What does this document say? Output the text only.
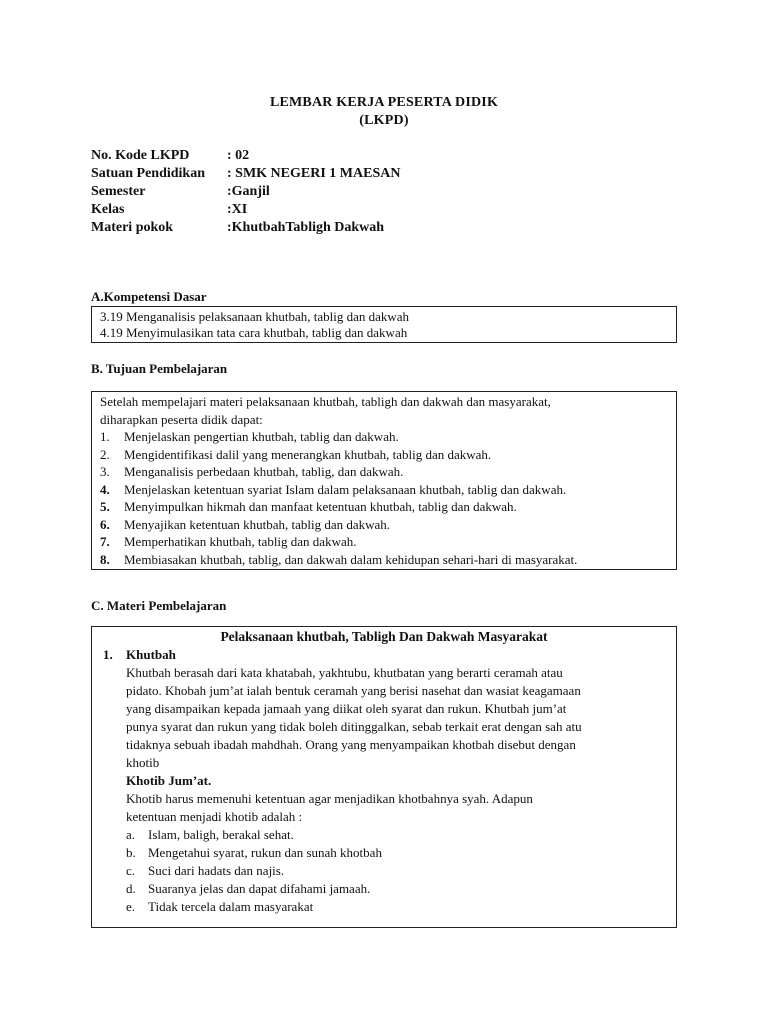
LEMBAR KERJA PESERTA DIDIK
(LKPD)
No. Kode LKPD	: 02
Satuan Pendidikan	: SMK NEGERI 1 MAESAN
Semester	:Ganjil
Kelas	:XI
Materi pokok	:KhutbahTabligh Dakwah
A.Kompetensi Dasar
3.19 Menganalisis pelaksanaan khutbah, tablig dan dakwah
4.19 Menyimulasikan tata cara khutbah, tablig dan dakwah
B. Tujuan Pembelajaran
Setelah mempelajari materi pelaksanaan khutbah, tabligh dan dakwah dan masyarakat,
diharapkan peserta didik dapat:
1.	Menjelaskan pengertian khutbah, tablig dan dakwah.
2.	Mengidentifikasi dalil yang menerangkan khutbah, tablig dan dakwah.
3.	Menganalisis perbedaan khutbah, tablig, dan dakwah.
4.	Menjelaskan ketentuan syariat Islam dalam pelaksanaan khutbah, tablig dan dakwah.
5.	Menyimpulkan hikmah dan manfaat ketentuan khutbah, tablig dan dakwah.
6.	Menyajikan ketentuan khutbah, tablig dan dakwah.
7.	Memperhatikan khutbah, tablig dan dakwah.
8.	Membiasakan khutbah, tablig, dan dakwah dalam kehidupan sehari-hari di masyarakat.
C. Materi Pembelajaran
Pelaksanaan khutbah, Tabligh Dan Dakwah Masyarakat
1.	Khutbah
Khutbah berasah dari kata khatabah, yakhtubu, khutbatan yang berarti ceramah atau
pidato. Khobah jum’at ialah bentuk ceramah yang berisi nasehat dan wasiat keagamaan
yang disampaikan kepada jamaah yang diikat oleh syarat dan rukun. Khutbah jum’at
punya syarat dan rukun yang tidak boleh ditinggalkan, sebab terkait erat dengan sah atu
tidaknya sebuah ibadah mahdhah. Orang yang menyampaikan khotbah disebut dengan
khotib
Khotib Jum’at.
Khotib harus memenuhi ketentuan agar menjadikan khotbahnya syah. Adapun
ketentuan menjadi khotib adalah :
a. Islam, baligh, berakal sehat.
b. Mengetahui syarat, rukun dan sunah khotbah
c. Suci dari hadats dan najis.
d. Suaranya jelas dan dapat difahami jamaah.
e. Tidak tercela dalam masyarakat
